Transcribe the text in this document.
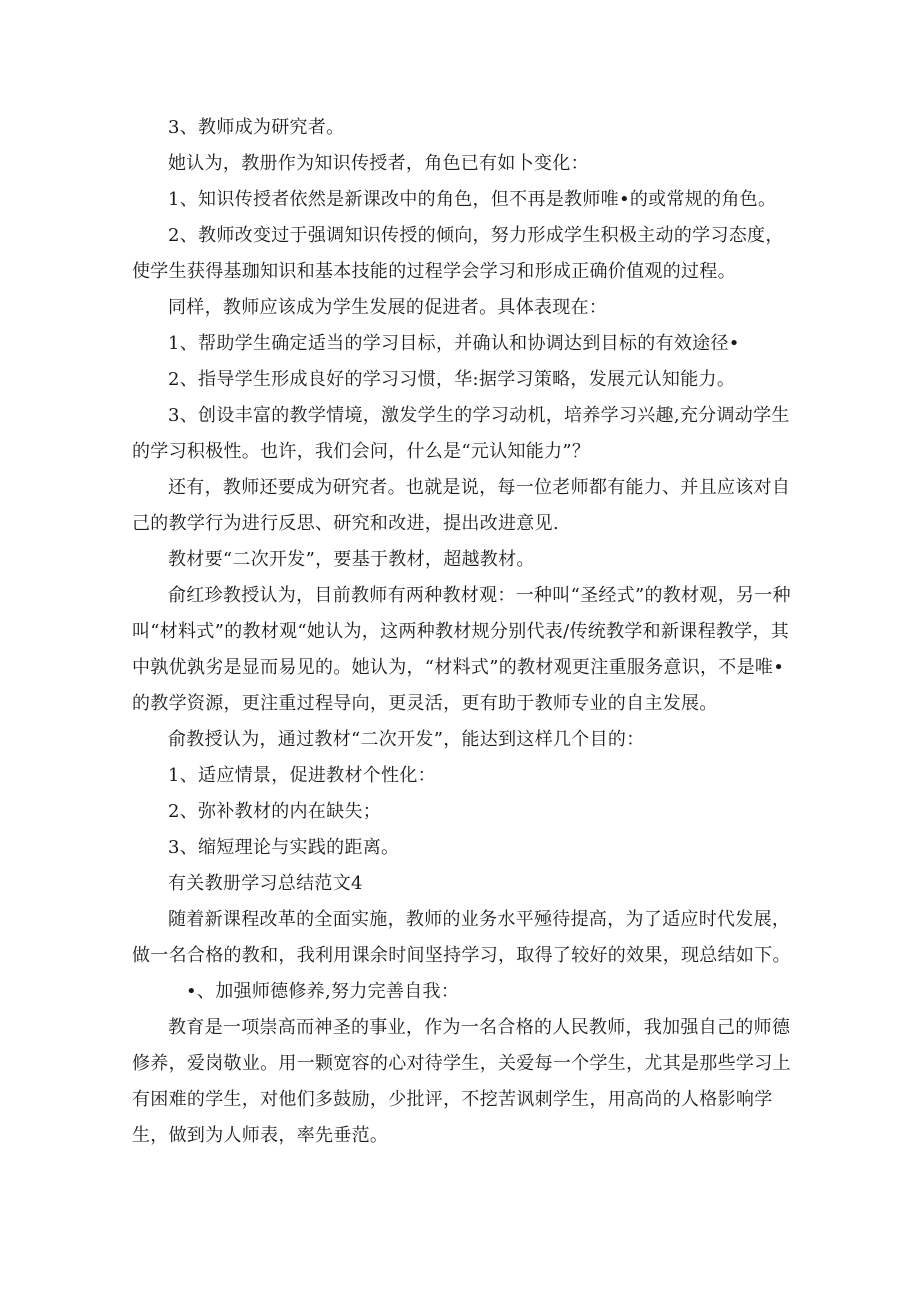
3、教师成为研究者。

她认为，教册作为知识传授者，角色已有如卜变化：

1、知识传授者依然是新课改中的角色，但不再是教师唯•的或常规的角色。

2、教师改变过于强调知识传授的倾向，努力形成学生积极主动的学习态度，使学生获得基珈知识和基本技能的过程学会学习和形成正确价值观的过程。

同样，教师应该成为学生发展的促进者。具体表现在：

1、帮助学生确定适当的学习目标，并确认和协调达到目标的有效途径•

2、指导学生形成良好的学习习惯，华:据学习策略，发展元认知能力。

3、创设丰富的教学情境，激发学生的学习动机，培养学习兴趣,充分调动学生的学习积极性。也许，我们会问，什么是“元认知能力”？

还有，教师还要成为研究者。也就是说，每一位老师都有能力、并且应该对自己的教学行为进行反思、研究和改进，提出改进意见.

教材要“二次开发”，要基于教材，超越教材。

俞红珍教授认为，目前教师有两种教材观：一种叫“圣经式”的教材观，另一种叫“材料式”的教材观“她认为，这两种教材规分别代表/传统教学和新课程教学，其中孰优孰劣是显而易见的。她认为，“材料式”的教材观更注重服务意识，不是唯•的教学资源，更注重过程导向，更灵活，更有助于教师专业的自主发展。

俞教授认为，通过教材“二次开发”，能达到这样几个目的：

1、适应情景，促进教材个性化：

2、弥补教材的内在缺失；

3、缩短理论与实践的距离。

有关教册学习总结范文4

随着新课程改革的全面实施，教师的业务水平殛待提高，为了适应时代发展，做一名合格的教和，我利用课余时间坚持学习，取得了较好的效果，现总结如下。

•、加强师德修养,努力完善自我：

教育是一项崇高而神圣的事业，作为一名合格的人民教师，我加强自己的师德修养，爱岗敬业。用一颗宽容的心对待学生，关爱每一个学生，尤其是那些学习上有困难的学生，对他们多鼓励，少批评，不挖苦讽刺学生，用高尚的人格影响学生，做到为人师表，率先垂范。
